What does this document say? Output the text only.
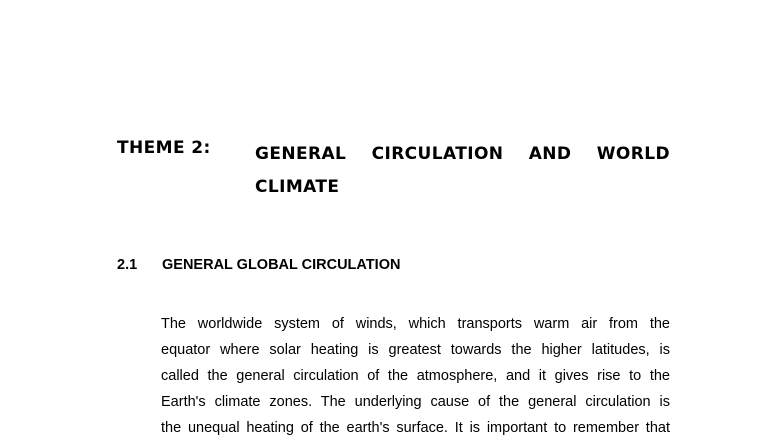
THEME 2:	GENERAL CIRCULATION AND WORLD
CLIMATE
2.1 GENERAL GLOBAL CIRCULATION
The worldwide system of winds, which transports warm air from the
equator where solar heating is greatest towards the higher latitudes, is
called the general circulation of the atmosphere, and it gives rise to the
Earth's climate zones. The underlying cause of the general circulation is
the unequal heating of the earth's surface. It is important to remember that
